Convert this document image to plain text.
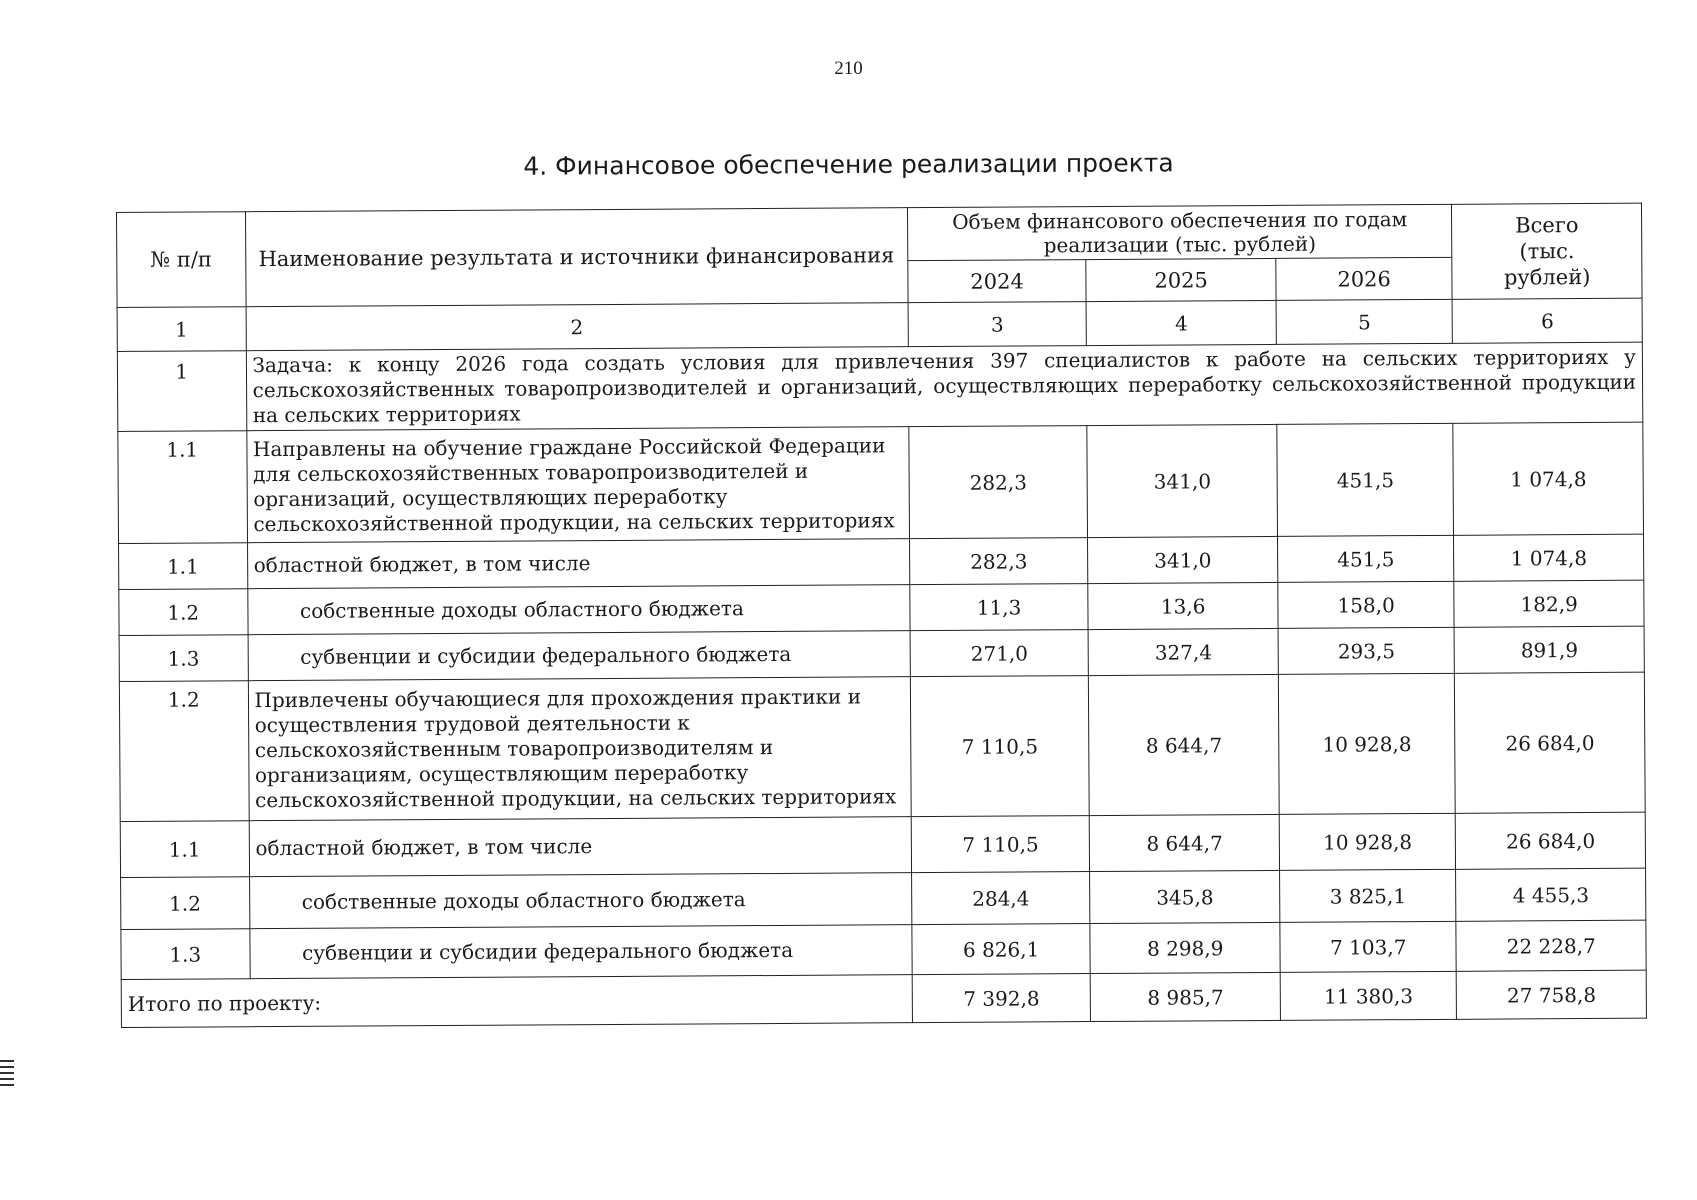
210
4. Финансовое обеспечение реализации проекта
№ п/п	Наименование результата и источники финансирования	Объем финансового обеспечения по годам реализации (тыс. рублей)			Всего (тыс. рублей)
		2024	2025	2026	
1	2	3	4	5	6
1	Задача: к концу 2026 года создать условия для привлечения 397 специалистов к работе на сельских территориях у сельскохозяйственных товаропроизводителей и организаций, осуществляющих переработку сельскохозяйственной продукции на сельских территориях				
1.1	Направлены на обучение граждане Российской Федерации для сельскохозяйственных товаропроизводителей и организаций, осуществляющих переработку сельскохозяйственной продукции, на сельских территориях	282,3	341,0	451,5	1 074,8
1.1	областной бюджет, в том числе	282,3	341,0	451,5	1 074,8
1.2	собственные доходы областного бюджета	11,3	13,6	158,0	182,9
1.3	субвенции и субсидии федерального бюджета	271,0	327,4	293,5	891,9
1.2	Привлечены обучающиеся для прохождения практики и осуществления трудовой деятельности к сельскохозяйственным товаропроизводителям и организациям, осуществляющим переработку сельскохозяйственной продукции, на сельских территориях	7 110,5	8 644,7	10 928,8	26 684,0
1.1	областной бюджет, в том числе	7 110,5	8 644,7	10 928,8	26 684,0
1.2	собственные доходы областного бюджета	284,4	345,8	3 825,1	4 455,3
1.3	субвенции и субсидии федерального бюджета	6 826,1	8 298,9	7 103,7	22 228,7
Итого по проекту:		7 392,8	8 985,7	11 380,3	27 758,8
